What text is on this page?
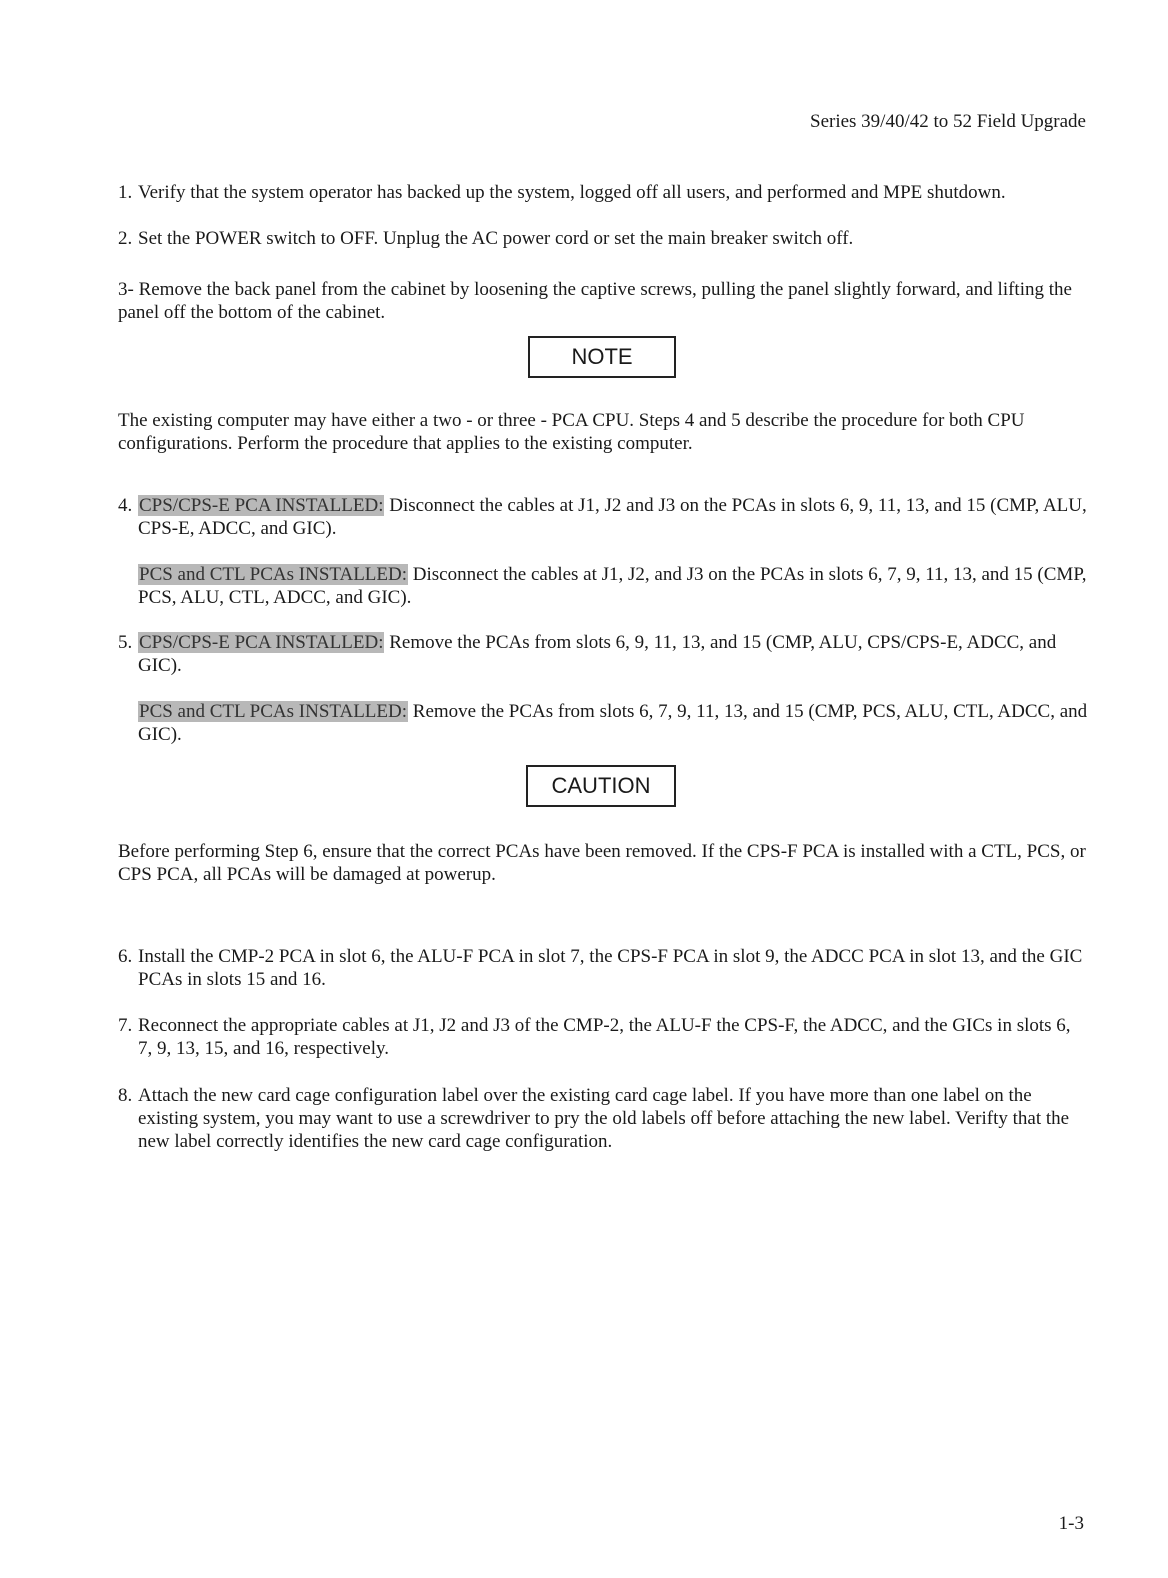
Series 39/40/42 to 52 Field Upgrade
1. Verify that the system operator has backed up the system, logged off all users, and performed and MPE shutdown.
2. Set the POWER switch to OFF. Unplug the AC power cord or set the main breaker switch off.
3- Remove the back panel from the cabinet by loosening the captive screws, pulling the panel slightly forward, and lifting the panel off the bottom of the cabinet.
NOTE
The existing computer may have either a two - or three - PCA CPU. Steps 4 and 5 describe the procedure for both CPU configurations. Perform the procedure that applies to the existing computer.
4. CPS/CPS-E PCA INSTALLED: Disconnect the cables at J1, J2 and J3 on the PCAs in slots 6, 9, 11, 13, and 15 (CMP, ALU, CPS-E, ADCC, and GIC).
PCS and CTL PCAs INSTALLED: Disconnect the cables at J1, J2, and J3 on the PCAs in slots 6, 7, 9, 11, 13, and 15 (CMP, PCS, ALU, CTL, ADCC, and GIC).
5. CPS/CPS-E PCA INSTALLED: Remove the PCAs from slots 6, 9, 11, 13, and 15 (CMP, ALU, CPS/CPS-E, ADCC, and GIC).
PCS and CTL PCAs INSTALLED: Remove the PCAs from slots 6, 7, 9, 11, 13, and 15 (CMP, PCS, ALU, CTL, ADCC, and GIC).
CAUTION
Before performing Step 6, ensure that the correct PCAs have been removed. If the CPS-F PCA is installed with a CTL, PCS, or CPS PCA, all PCAs will be damaged at powerup.
6. Install the CMP-2 PCA in slot 6, the ALU-F PCA in slot 7, the CPS-F PCA in slot 9, the ADCC PCA in slot 13, and the GIC PCAs in slots 15 and 16.
7. Reconnect the appropriate cables at J1, J2 and J3 of the CMP-2, the ALU-F the CPS-F, the ADCC, and the GICs in slots 6, 7, 9, 13, 15, and 16, respectively.
8. Attach the new card cage configuration label over the existing card cage label. If you have more than one label on the existing system, you may want to use a screwdriver to pry the old labels off before attaching the new label. Verifty that the new label correctly identifies the new card cage configuration.
1-3
